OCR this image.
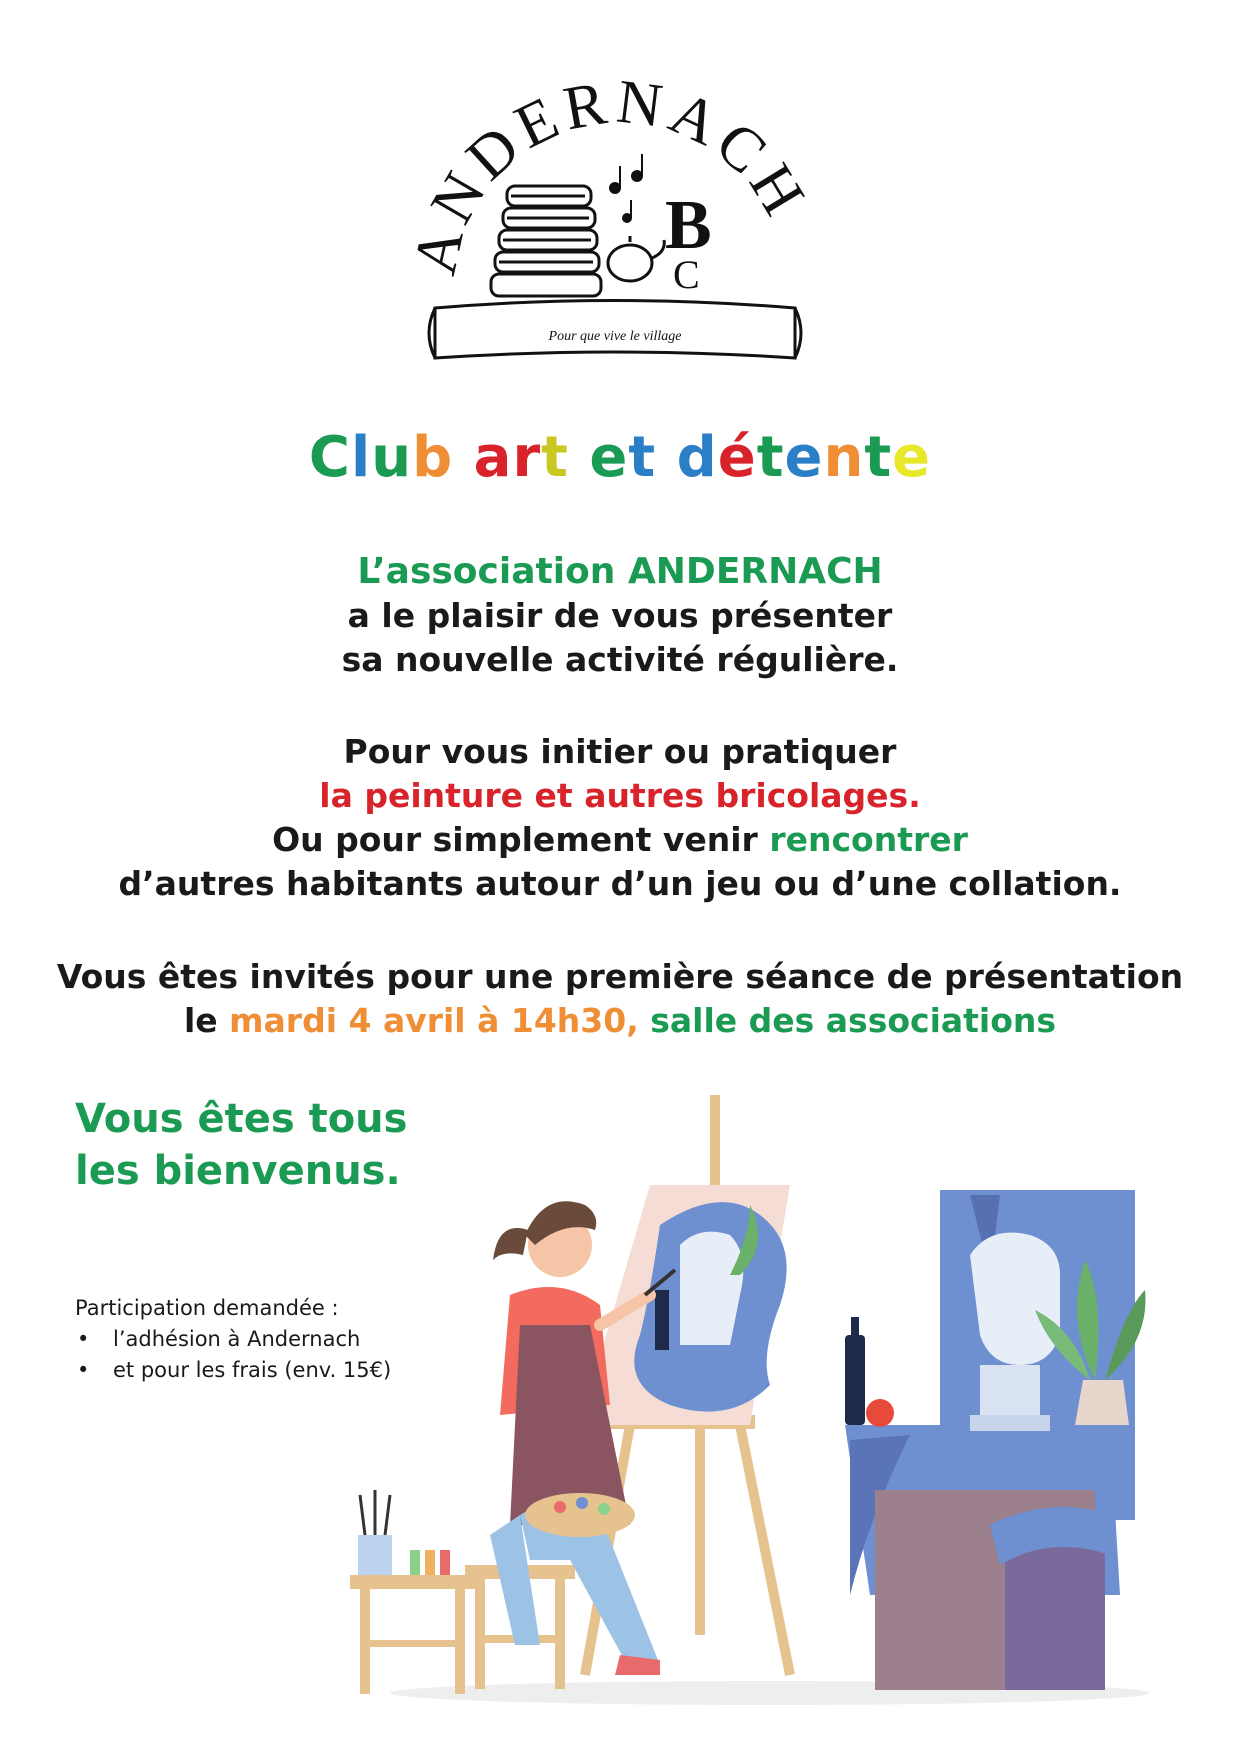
NDERNACH
B
C
Pour que vive le village
Club art et détente
L’association ANDERNACH
a le plaisir de vous présenter
sa nouvelle activité régulière.
Pour vous initier ou pratiquer
la peinture et autres bricolages.
Ou pour simplement venir rencontrer
d’autres habitants autour d’un jeu ou d’une collation.
Vous êtes invités pour une première séance de présentation
le mardi 4 avril à 14h30, salle des associations
Vous êtes tous
les bienvenus.
Participation demandée :
• l’adhésion à Andernach
• et pour les frais (env. 15€)
